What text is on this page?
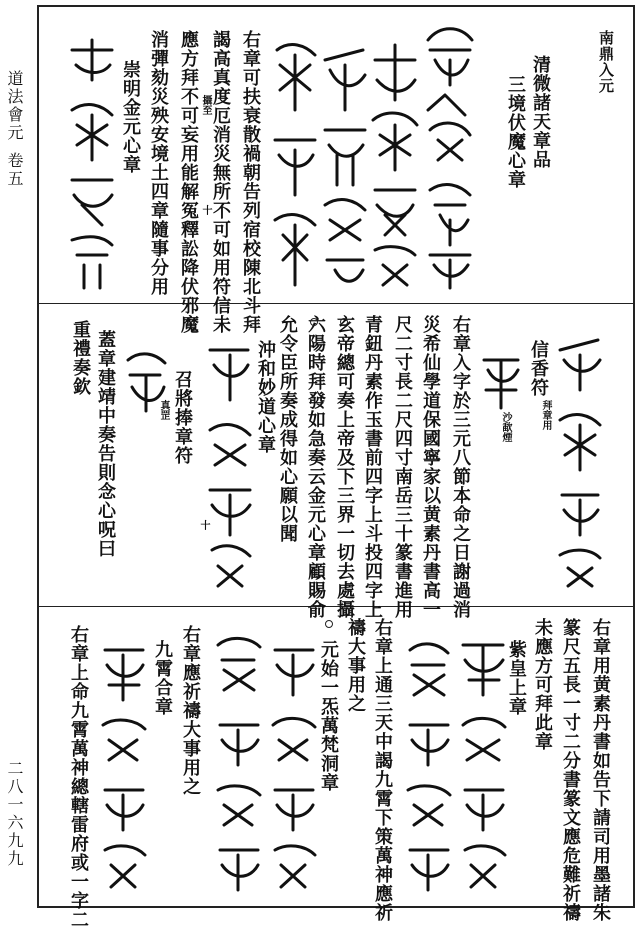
道法會元卷五
二八一六九九
南鼎入元
清微諸天章品
三境伏魔心章
右章可扶衰散禍朝告列宿校陳北斗拜
謁高真度厄消災無所不可如用符信未
應方拜不可妄用能解冤釋訟降伏邪魔
消彈劾災殃安境土四章隨事分用
崇明金元心章	攝至
十
信香符
拜章用
沙歃煙
右章入字於三元八節本命之日謝過消
災希仙學道保國寧家以黄素丹書高一
尺二寸長二尺四寸南岳三十篆書進用
青鈕丹素作玉書前四字上斗投四字上
玄帝總可奏上帝及下三界一切去處攝
六陽時拜發如急奏云金元心章顧賜俞
允令臣所奏成得如心願以聞
沖和妙道心章
十
召將捧章符
真罡
蓋章建靖中奏告則念心呪曰
重禮奏欽
右章用黄素丹書如告下請司用墨諸朱
篆尺五長一寸二分書篆文應危難祈禱
未應方可拜此章
紫皇上章
右章上通三天中謁九霄下策萬神應祈
禱大事用之
元始一炁萬梵洞章
右章應祈禱大事用之
九霄合章
右章上命九霄萬神總轄雷府或一字二
